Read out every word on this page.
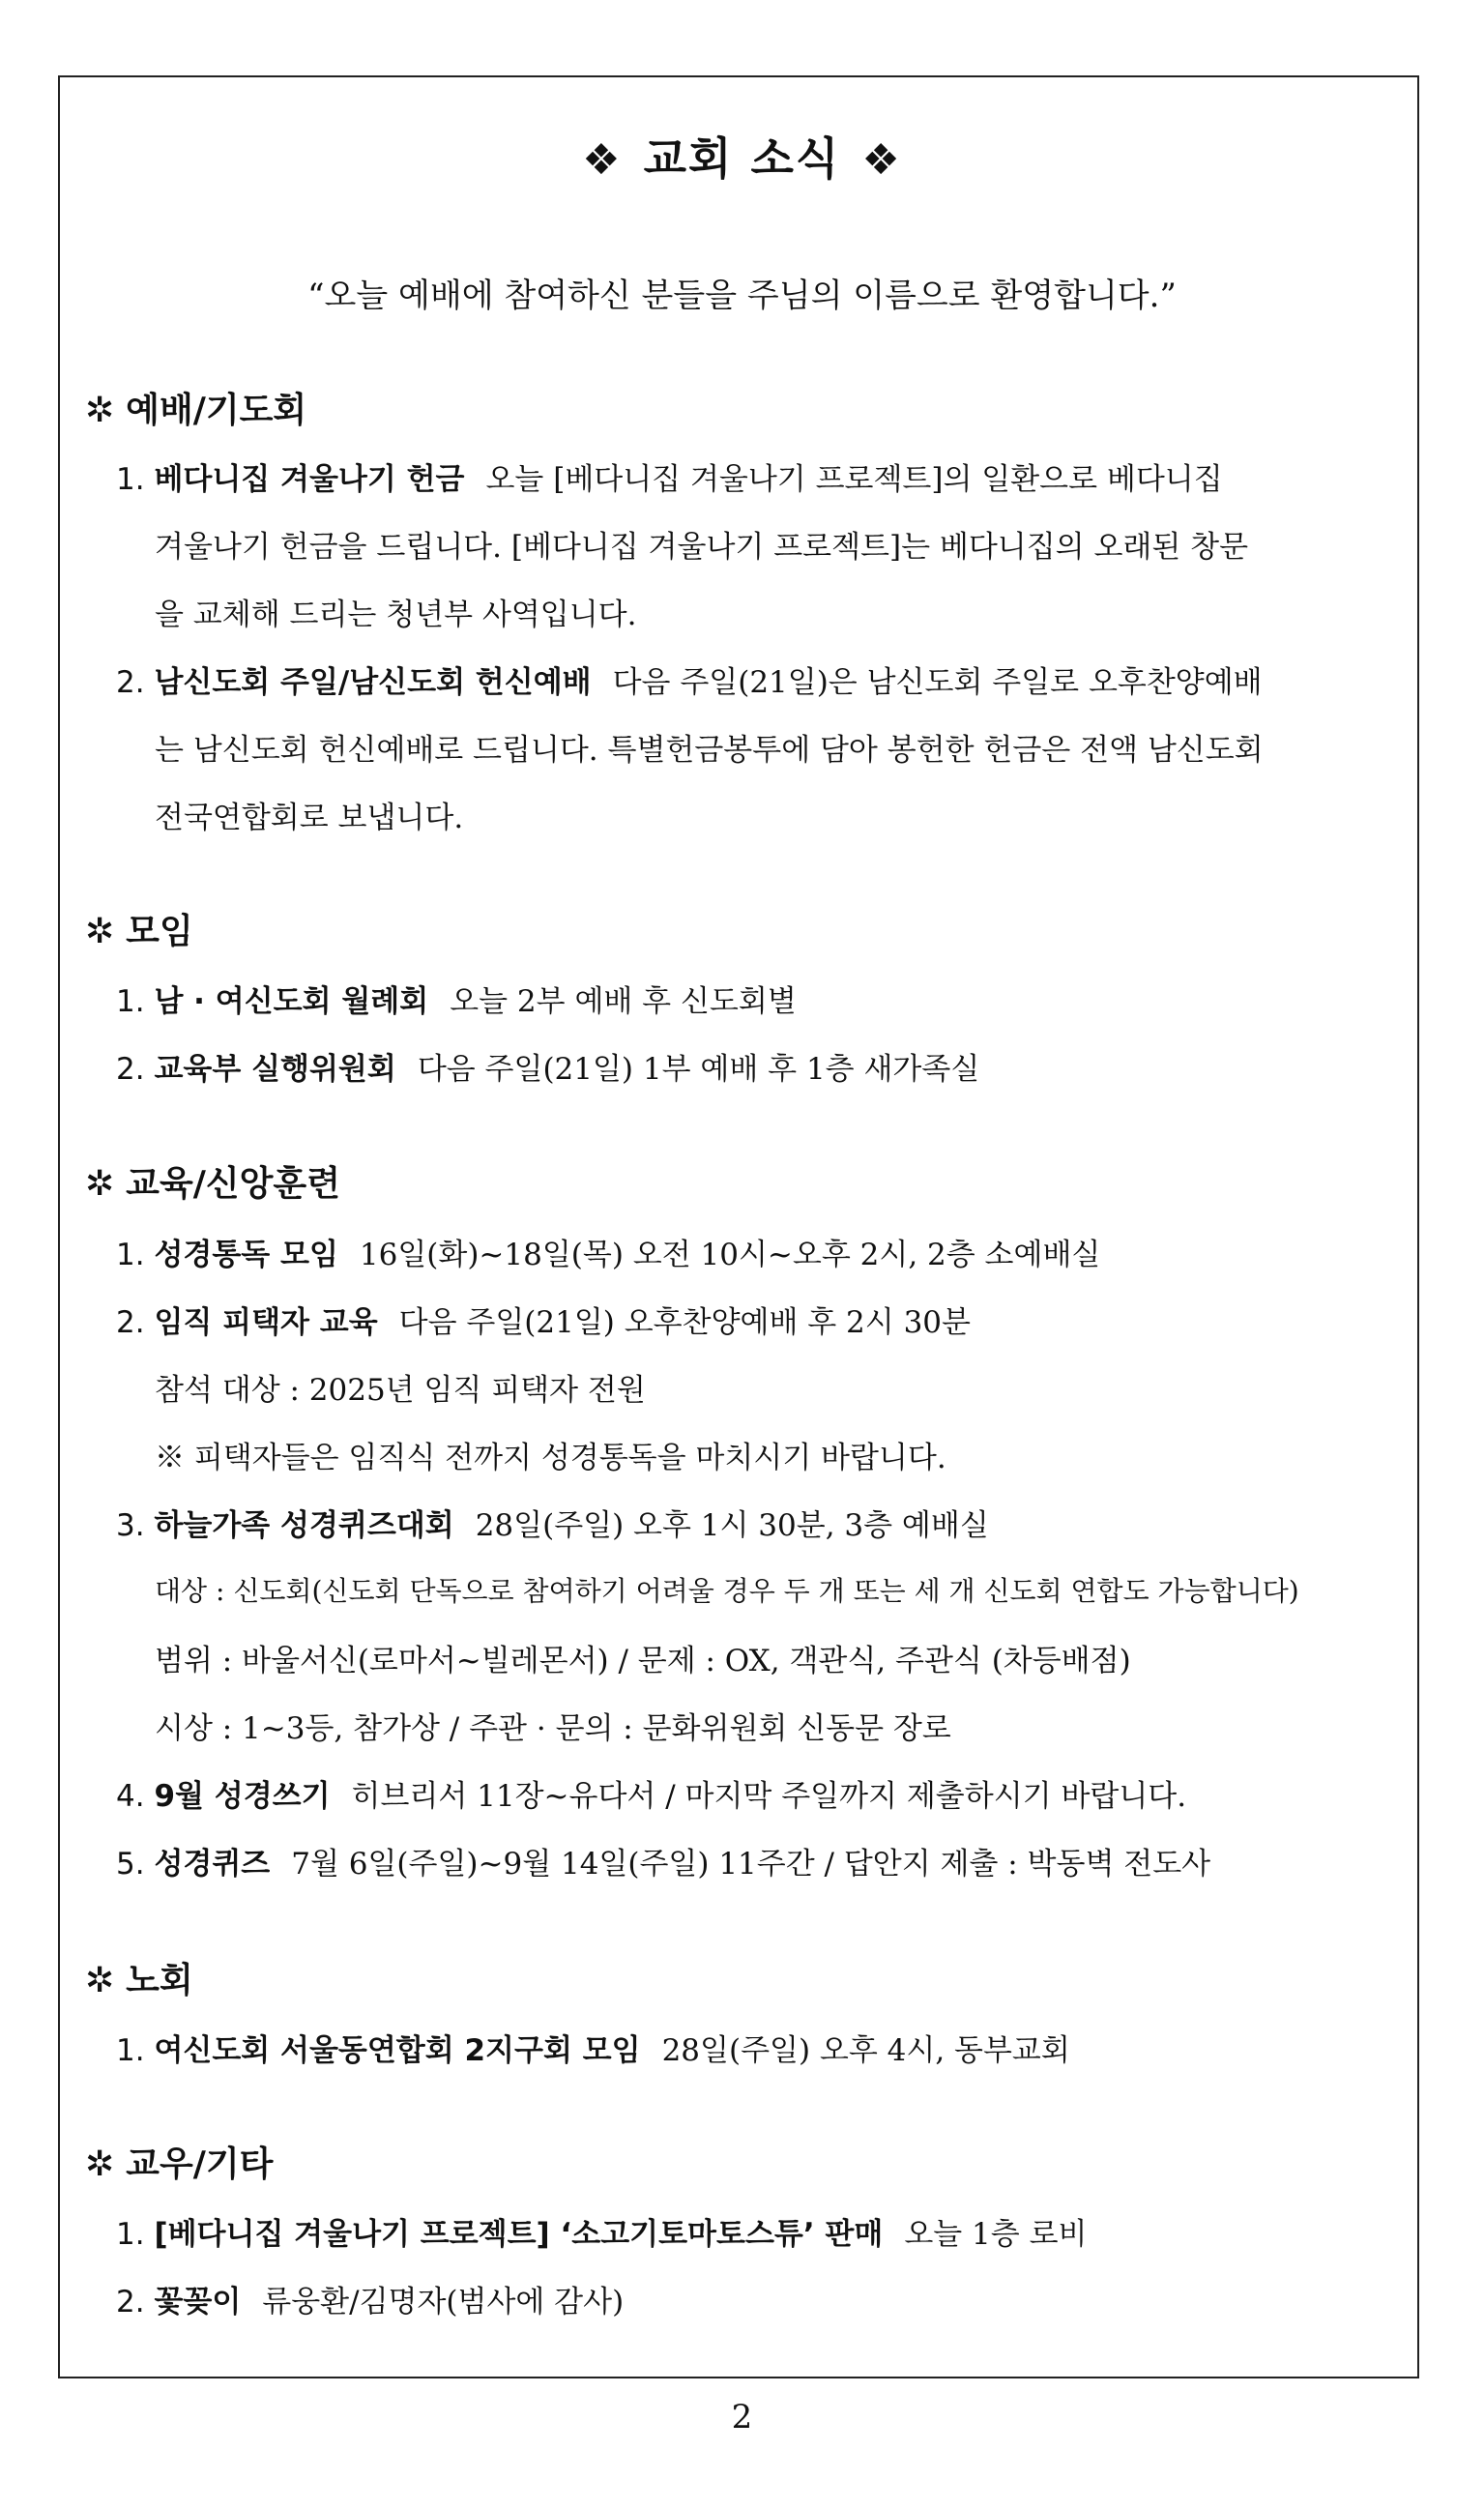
❖ 교회 소식 ❖
“오늘 예배에 참여하신 분들을 주님의 이름으로 환영합니다.”
✲ 예배/기도회
1. 베다니집 겨울나기 헌금 오늘 [베다니집 겨울나기 프로젝트]의 일환으로 베다니집
겨울나기 헌금을 드립니다. [베다니집 겨울나기 프로젝트]는 베다니집의 오래된 창문
을 교체해 드리는 청년부 사역입니다.
2. 남신도회 주일/남신도회 헌신예배 다음 주일(21일)은 남신도회 주일로 오후찬양예배
는 남신도회 헌신예배로 드립니다. 특별헌금봉투에 담아 봉헌한 헌금은 전액 남신도회
전국연합회로 보냅니다.
✲ 모임
1. 남 · 여신도회 월례회 오늘 2부 예배 후 신도회별
2. 교육부 실행위원회 다음 주일(21일) 1부 예배 후 1층 새가족실
✲ 교육/신앙훈련
1. 성경통독 모임 16일(화)~18일(목) 오전 10시~오후 2시, 2층 소예배실
2. 임직 피택자 교육 다음 주일(21일) 오후찬양예배 후 2시 30분
참석 대상 : 2025년 임직 피택자 전원
※ 피택자들은 임직식 전까지 성경통독을 마치시기 바랍니다.
3. 하늘가족 성경퀴즈대회 28일(주일) 오후 1시 30분, 3층 예배실
대상 : 신도회(신도회 단독으로 참여하기 어려울 경우 두 개 또는 세 개 신도회 연합도 가능합니다)
범위 : 바울서신(로마서~빌레몬서) / 문제 : OX, 객관식, 주관식 (차등배점)
시상 : 1~3등, 참가상 / 주관 · 문의 : 문화위원회 신동문 장로
4. 9월 성경쓰기 히브리서 11장~유다서 / 마지막 주일까지 제출하시기 바랍니다.
5. 성경퀴즈 7월 6일(주일)~9월 14일(주일) 11주간 / 답안지 제출 : 박동벽 전도사
✲ 노회
1. 여신도회 서울동연합회 2지구회 모임 28일(주일) 오후 4시, 동부교회
✲ 교우/기타
1. [베다니집 겨울나기 프로젝트] ‘소고기토마토스튜’ 판매 오늘 1층 로비
2. 꽃꽂이 류웅환/김명자(범사에 감사)
2
